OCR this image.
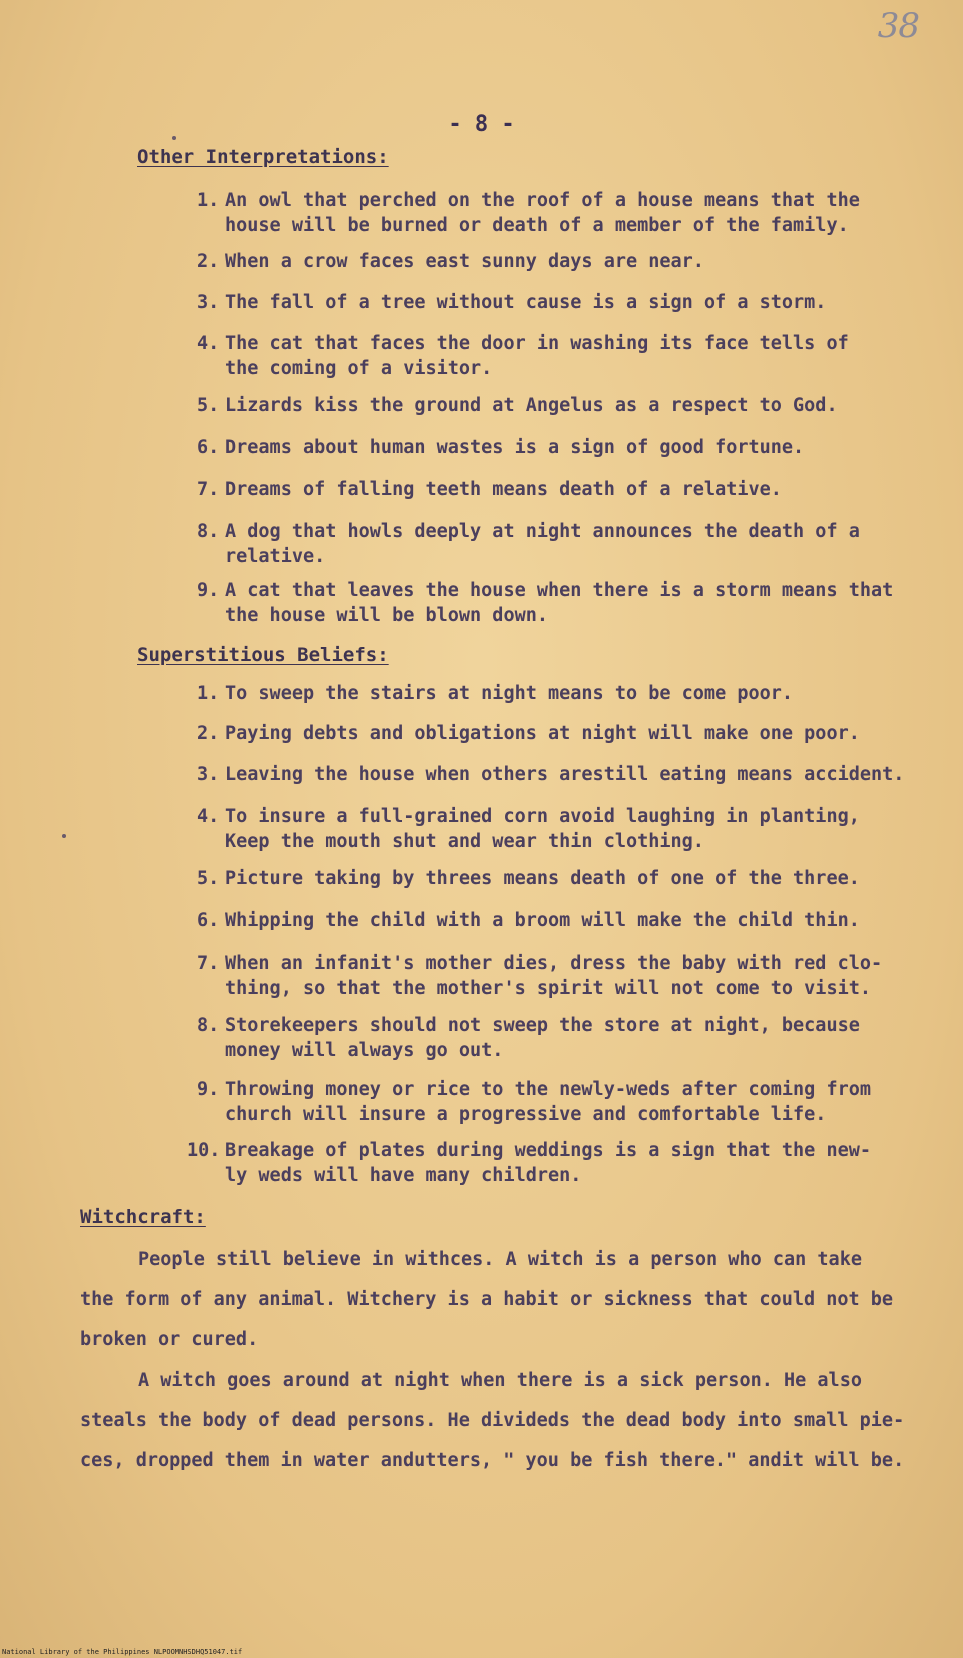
38
- 8 -
Other Interpretations:
1. An owl that perched on the roof of a house means that the
house will be burned or death of a member of the family.
2. When a crow faces east sunny days are near.
3. The fall of a tree without cause is a sign of a storm.
4. The cat that faces the door in washing its face tells of
the coming of a visitor.
5. Lizards kiss the ground at Angelus as a respect to God.
6. Dreams about human wastes is a sign of good fortune.
7. Dreams of falling teeth means death of a relative.
8. A dog that howls deeply at night announces the death of a
relative.
9. A cat that leaves the house when there is a storm means that
the house will be blown down.
Superstitious Beliefs:
1. To sweep the stairs at night means to be come poor.
2. Paying debts and obligations at night will make one poor.
3. Leaving the house when others arestill eating means accident.
4. To insure a full-grained corn avoid laughing in planting,
Keep the mouth shut and wear thin clothing.
5. Picture taking by threes means death of one of the three.
6. Whipping the child with a broom will make the child thin.
7. When an infanit's mother dies, dress the baby with red clo-
thing, so that the mother's spirit will not come to visit.
8. Storekeepers should not sweep the store at night, because
money will always go out.
9. Throwing money or rice to the newly-weds after coming from
church will insure a progressive and comfortable life.
10. Breakage of plates during weddings is a sign that the new-
ly weds will have many children.
Witchcraft:
People still believe in withces. A witch is a person who can take
the form of any animal. Witchery is a habit or sickness that could not be
broken or cured.
A witch goes around at night when there is a sick person. He also
steals the body of dead persons. He divideds the dead body into small pie-
ces, dropped them in water andutters, " you be fish there." andit will be.
National Library of the Philippines NLPOOMNHSDHQ51047.tif
